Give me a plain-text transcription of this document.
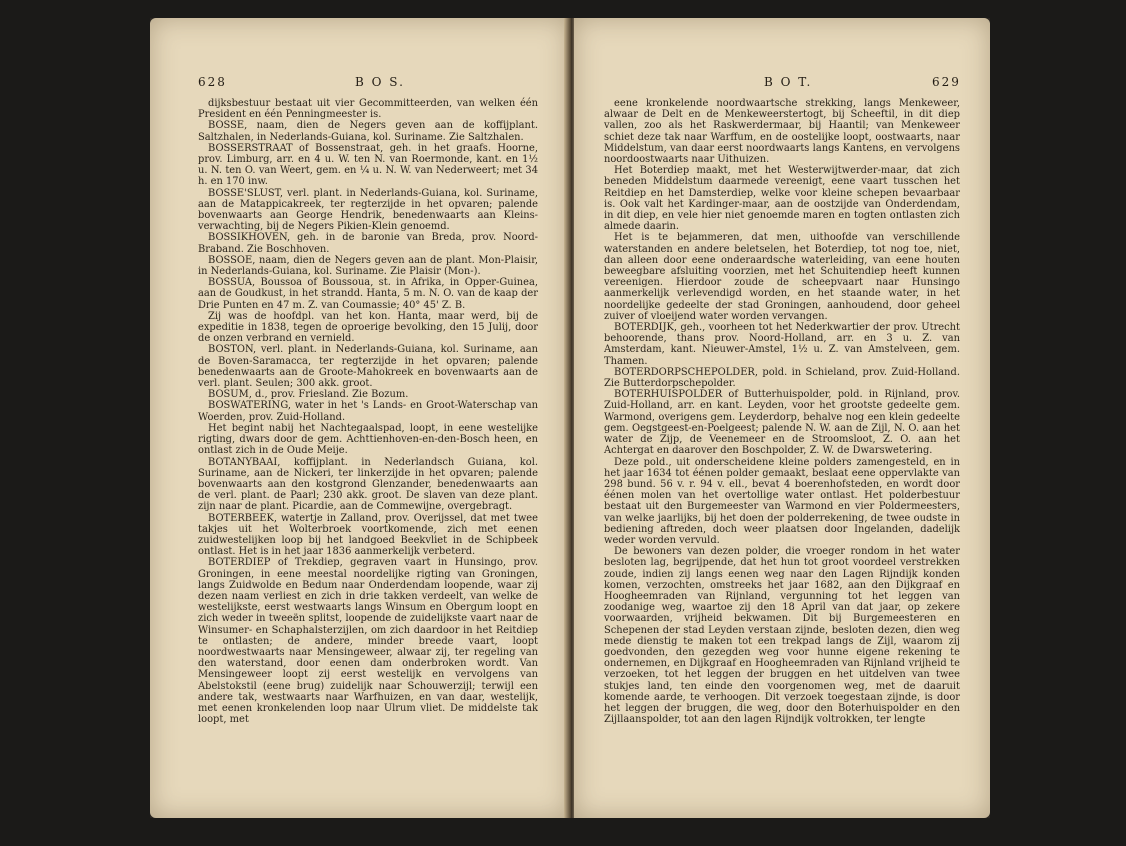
628	B O S.

dijksbestuur bestaat uit vier Gecommitteerden, van welken één President en één Penningmeester is.

BOSSE, naam, dien de Negers geven aan de koffijplant. Saltzhalen, in Nederlands-Guiana, kol. Suriname. Zie Saltzhalen.

BOSSERSTRAAT of Bossenstraat, geh. in het graafs. Hoorne, prov. Limburg, arr. en 4 u. W. ten N. van Roermonde, kant. en 1½ u. N. ten O. van Weert, gem. en ¼ u. N. W. van Nederweert; met 34 h. en 170 inw.

BOSSE'SLUST, verl. plant. in Nederlands-Guiana, kol. Suriname, aan de Matappicakreek, ter regterzijde in het opvaren; palende bovenwaarts aan George Hendrik, benedenwaarts aan Kleins-verwachting, bij de Negers Pikien-Klein genoemd.

BOSSIKHOVEN, geh. in de baronie van Breda, prov. Noord-Braband. Zie Boschhoven.

BOSSOE, naam, dien de Negers geven aan de plant. Mon-Plaisir, in Nederlands-Guiana, kol. Suriname. Zie Plaisir (Mon-).

BOSSUA, Boussoa of Boussoua, st. in Afrika, in Opper-Guinea, aan de Goudkust, in het strandd. Hanta, 5 m. N. O. van de kaap der Drie Punten en 47 m. Z. van Coumassie; 40° 45' Z. B.

Zij was de hoofdpl. van het kon. Hanta, maar werd, bij de expeditie in 1838, tegen de oproerige bevolking, den 15 Julij, door de onzen verbrand en vernield.

BOSTON, verl. plant. in Nederlands-Guiana, kol. Suriname, aan de Boven-Saramacca, ter regterzijde in het opvaren; palende benedenwaarts aan de Groote-Mahokreek en bovenwaarts aan de verl. plant. Seulen; 300 akk. groot.

BOSUM, d., prov. Friesland. Zie Bozum.

BOSWATERING, water in het 's Lands- en Groot-Waterschap van Woerden, prov. Zuid-Holland.

Het begint nabij het Nachtegaalspad, loopt, in eene westelijke rigting, dwars door de gem. Achttienhoven-en-den-Bosch heen, en ontlast zich in de Oude Meije.

BOTANYBAAI, koffijplant. in Nederlandsch Guiana, kol. Suriname, aan de Nickeri, ter linkerzijde in het opvaren; palende bovenwaarts aan den kostgrond Glenzander, benedenwaarts aan de verl. plant. de Paarl; 230 akk. groot. De slaven van deze plant. zijn naar de plant. Picardie, aan de Commewijne, overgebragt.

BOTERBEEK, watertje in Zalland, prov. Overijssel, dat met twee takjes uit het Wolterbroek voortkomende, zich met eenen zuidwestelijken loop bij het landgoed Beekvliet in de Schipbeek ontlast. Het is in het jaar 1836 aanmerkelijk verbeterd.

BOTERDIEP of Trekdiep, gegraven vaart in Hunsingo, prov. Groningen, in eene meestal noordelijke rigting van Groningen, langs Zuidwolde en Bedum naar Onderdendam loopende, waar zij dezen naam verliest en zich in drie takken verdeelt, van welke de westelijkste, eerst westwaarts langs Winsum en Obergum loopt en zich weder in tweeën splitst, loopende de zuidelijkste vaart naar de Winsumer- en Schaphalsterzijlen, om zich daardoor in het Reitdiep te ontlasten; de andere, minder breede vaart, loopt noordwestwaarts naar Mensingeweer, alwaar zij, ter regeling van den waterstand, door eenen dam onderbroken wordt. Van Mensingeweer loopt zij eerst westelijk en vervolgens van Abelstokstil (eene brug) zuidelijk naar Schouwerzijl; terwijl een andere tak, westwaarts naar Warfhuizen, en van daar, westelijk, met eenen kronkelenden loop naar Ulrum vliet. De middelste tak loopt, met

B O T.	629

eene kronkelende noordwaartsche strekking, langs Menkeweer, alwaar de Delt en de Menkeweerstertogt, bij Scheeftil, in dit diep vallen, zoo als het Raskwerdermaar, bij Haantil; van Menkeweer schiet deze tak naar Warffum, en de oostelijke loopt, oostwaarts, naar Middelstum, van daar eerst noordwaarts langs Kantens, en vervolgens noordoostwaarts naar Uithuizen.

Het Boterdiep maakt, met het Westerwijtwerder-maar, dat zich beneden Middelstum daarmede vereenigt, eene vaart tusschen het Reitdiep en het Damsterdiep, welke voor kleine schepen bevaarbaar is. Ook valt het Kardinger-maar, aan de oostzijde van Onderdendam, in dit diep, en vele hier niet genoemde maren en togten ontlasten zich almede daarin.

Het is te bejammeren, dat men, uithoofde van verschillende waterstanden en andere beletselen, het Boterdiep, tot nog toe, niet, dan alleen door eene onderaardsche waterleiding, van eene houten beweegbare afsluiting voorzien, met het Schuitendiep heeft kunnen vereenigen. Hierdoor zoude de scheepvaart naar Hunsingo aanmerkelijk verlevendigd worden, en het staande water, in het noordelijke gedeelte der stad Groningen, aanhoudend, door geheel zuiver of vloeijend water worden vervangen.

BOTERDIJK, geh., voorheen tot het Nederkwartier der prov. Utrecht behoorende, thans prov. Noord-Holland, arr. en 3 u. Z. van Amsterdam, kant. Nieuwer-Amstel, 1½ u. Z. van Amstelveen, gem. Thamen.

BOTERDORPSCHEPOLDER, pold. in Schieland, prov. Zuid-Holland. Zie Butterdorpschepolder.

BOTERHUISPOLDER of Butterhuispolder, pold. in Rijnland, prov. Zuid-Holland, arr. en kant. Leyden, voor het grootste gedeelte gem. Warmond, overigens gem. Leyderdorp, behalve nog een klein gedeelte gem. Oegstgeest-en-Poelgeest; palende N. W. aan de Zijl, N. O. aan het water de Zijp, de Veenemeer en de Stroomsloot, Z. O. aan het Achtergat en daarover den Boschpolder, Z. W. de Dwarswetering.

Deze pold., uit onderscheidene kleine polders zamengesteld, en in het jaar 1634 tot éénen polder gemaakt, beslaat eene oppervlakte van 298 bund. 56 v. r. 94 v. ell., bevat 4 boerenhofsteden, en wordt door éénen molen van het overtollige water ontlast. Het polderbestuur bestaat uit den Burgemeester van Warmond en vier Poldermeesters, van welke jaarlijks, bij het doen der polderrekening, de twee oudste in bediening aftreden, doch weer plaatsen door Ingelanden, dadelijk weder worden vervuld.

De bewoners van dezen polder, die vroeger rondom in het water besloten lag, begrijpende, dat het hun tot groot voordeel verstrekken zoude, indien zij langs eenen weg naar den Lagen Rijndijk konden komen, verzochten, omstreeks het jaar 1682, aan den Dijkgraaf en Hoogheemraden van Rijnland, vergunning tot het leggen van zoodanige weg, waartoe zij den 18 April van dat jaar, op zekere voorwaarden, vrijheid bekwamen. Dit bij Burgemeesteren en Schepenen der stad Leyden verstaan zijnde, besloten dezen, dien weg mede dienstig te maken tot een trekpad langs de Zijl, waarom zij goedvonden, den gezegden weg voor hunne eigene rekening te ondernemen, en Dijkgraaf en Hoogheemraden van Rijnland vrijheid te verzoeken, tot het leggen der bruggen en het uitdelven van twee stukjes land, ten einde den voorgenomen weg, met de daaruit komende aarde, te verhoogen. Dit verzoek toegestaan zijnde, is door het leggen der bruggen, die weg, door den Boterhuispolder en den Zijllaanspolder, tot aan den lagen Rijndijk voltrokken, ter lengte
